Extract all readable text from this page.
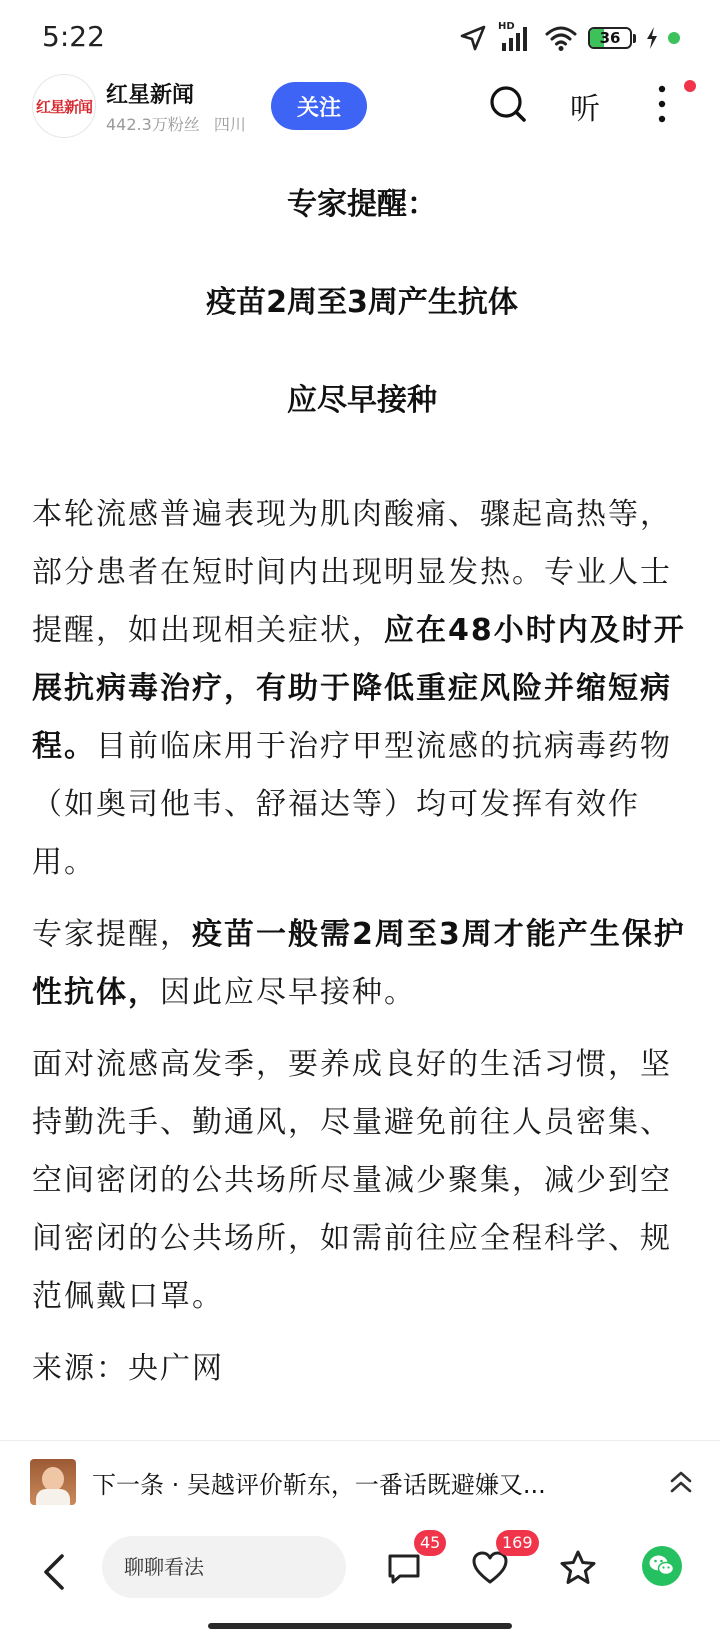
5:22	HD
36
红星新闻 红星新闻
442.3万粉丝 四川
关注	听
专家提醒：
疫苗2周至3周产生抗体
应尽早接种

本轮流感普遍表现为肌肉酸痛、骤起高热等，部分患者在短时间内出现明显发热。专业人士提醒，如出现相关症状，应在48小时内及时开展抗病毒治疗，有助于降低重症风险并缩短病程。目前临床用于治疗甲型流感的抗病毒药物（如奥司他韦、舒福达等）均可发挥有效作用。

专家提醒，疫苗一般需2周至3周才能产生保护性抗体，因此应尽早接种。

面对流感高发季，要养成良好的生活习惯，坚持勤洗手、勤通风，尽量避免前往人员密集、空间密闭的公共场所尽量减少聚集，减少到空间密闭的公共场所，如需前往应全程科学、规范佩戴口罩。

来源：央广网

下一条 · 吴越评价靳东，一番话既避嫌又...
聊聊看法
45	169
